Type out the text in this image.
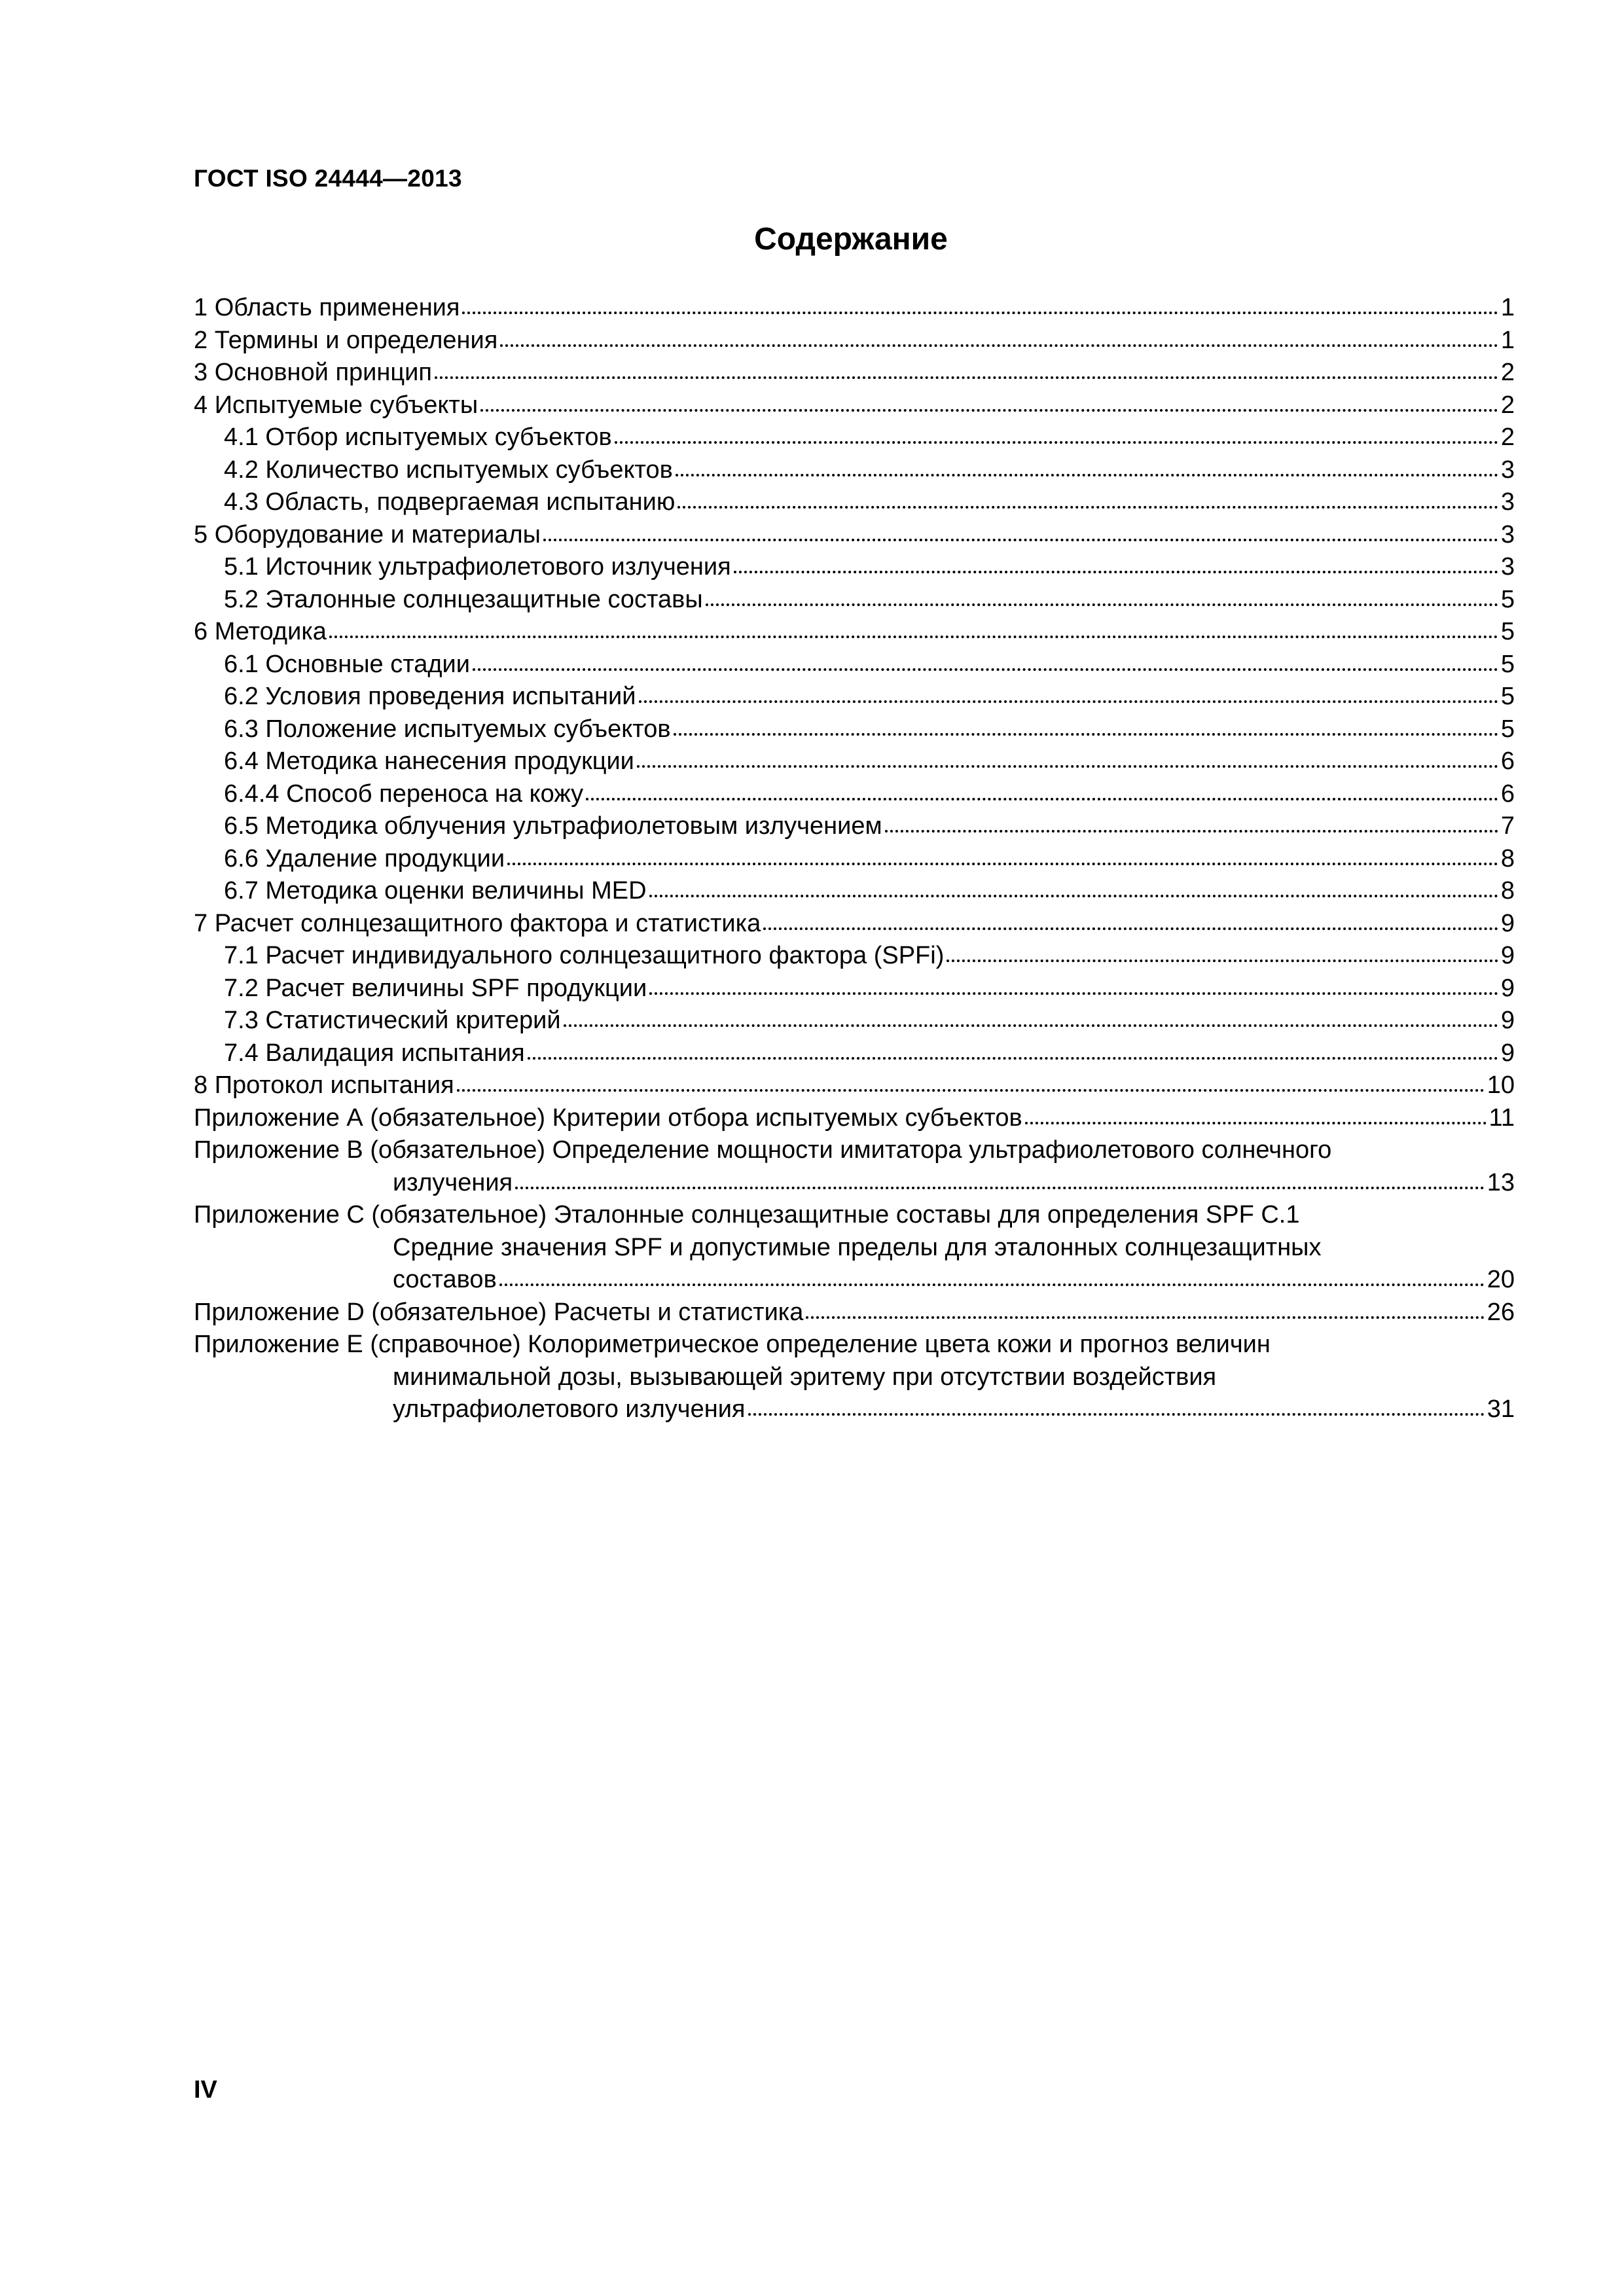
ГОСТ ISO 24444—2013
Содержание
1 Область применения	1
2 Термины и определения	1
3 Основной принцип	2
4 Испытуемые субъекты	2
4.1 Отбор испытуемых субъектов	2
4.2 Количество испытуемых субъектов	3
4.3 Область, подвергаемая испытанию	3
5 Оборудование и материалы	3
5.1 Источник ультрафиолетового излучения	3
5.2 Эталонные солнцезащитные составы	5
6 Методика	5
6.1 Основные стадии	5
6.2 Условия проведения испытаний	5
6.3 Положение испытуемых субъектов	5
6.4 Методика нанесения продукции	6
6.4.4 Способ переноса на кожу	6
6.5 Методика облучения ультрафиолетовым излучением	7
6.6 Удаление продукции	8
6.7 Методика оценки величины MED	8
7 Расчет солнцезащитного фактора и статистика	9
7.1 Расчет индивидуального солнцезащитного фактора (SPFi)	9
7.2 Расчет величины SPF продукции	9
7.3 Статистический критерий	9
7.4 Валидация испытания	9
8 Протокол испытания	10
Приложение А (обязательное) Критерии отбора испытуемых субъектов	11
Приложение В (обязательное) Определение мощности имитатора ультрафиолетового солнечного
излучения	13
Приложение С (обязательное) Эталонные солнцезащитные составы для определения SPF C.1
Средние значения SPF и допустимые пределы для эталонных солнцезащитных
составов	20
Приложение D (обязательное) Расчеты и статистика	26
Приложение Е (справочное) Колориметрическое определение цвета кожи и прогноз величин
минимальной дозы, вызывающей эритему при отсутствии воздействия
ультрафиолетового излучения	31
IV
